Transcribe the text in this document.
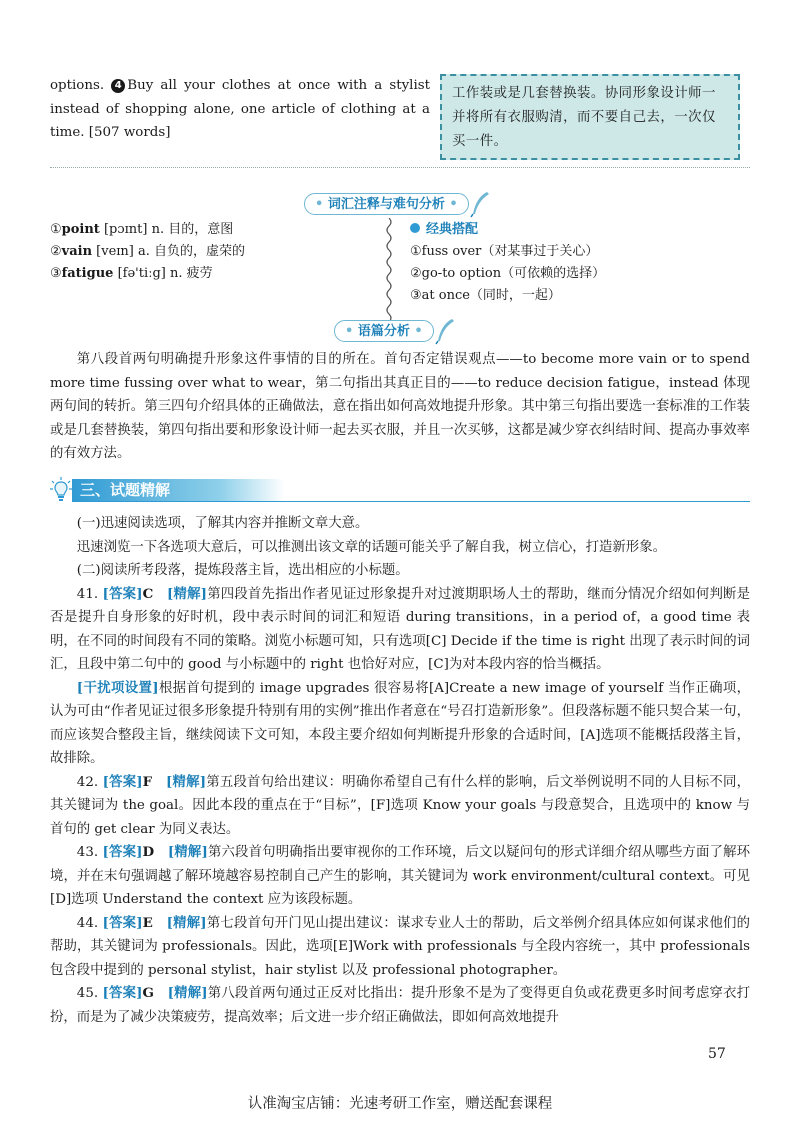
options. 4 Buy all your clothes at once with a stylist instead of shopping alone, one article of clothing at a time. [507 words]
工作装或是几套替换装。协同形象设计师一并将所有衣服购清，而不要自己去，一次仅买一件。
• 词汇注释与难句分析 •
①point [pɔɪnt] n. 目的，意图
②vain [veɪn] a. 自负的，虚荣的
③fatigue [fə'tiːg] n. 疲劳
经典搭配
①fuss over（对某事过于关心）
②go-to option（可依赖的选择）
③at once（同时，一起）
• 语篇分析 •
第八段首两句明确提升形象这件事情的目的所在。首句否定错误观点——to become more vain or to spend more time fussing over what to wear，第二句指出其真正目的——to reduce decision fatigue，instead 体现两句间的转折。第三四句介绍具体的正确做法，意在指出如何高效地提升形象。其中第三句指出要选一套标准的工作装或是几套替换装，第四句指出要和形象设计师一起去买衣服，并且一次买够，这都是减少穿衣纠结时间、提高办事效率的有效方法。
三、试题精解

(一)迅速阅读选项，了解其内容并推断文章大意。

迅速浏览一下各选项大意后，可以推测出该文章的话题可能关乎了解自我，树立信心，打造新形象。

(二)阅读所考段落，提炼段落主旨，选出相应的小标题。

41. [答案]C　 [精解]第四段首先指出作者见证过形象提升对过渡期职场人士的帮助，继而分情况介绍如何判断是否是提升自身形象的好时机，段中表示时间的词汇和短语 during transitions，in a period of，a good time 表明，在不同的时间段有不同的策略。浏览小标题可知，只有选项[C] Decide if the time is right 出现了表示时间的词汇，且段中第二句中的 good 与小标题中的 right 也恰好对应，[C]为对本段内容的恰当概括。

[干扰项设置]根据首句提到的 image upgrades 很容易将[A]Create a new image of yourself 当作正确项，认为可由“作者见证过很多形象提升特别有用的实例”推出作者意在“号召打造新形象”。但段落标题不能只契合某一句，而应该契合整段主旨，继续阅读下文可知，本段主要介绍如何判断提升形象的合适时间，[A]选项不能概括段落主旨，故排除。

42. [答案]F　 [精解]第五段首句给出建议：明确你希望自己有什么样的影响，后文举例说明不同的人目标不同，其关键词为 the goal。因此本段的重点在于“目标”，[F]选项 Know your goals 与段意契合，且选项中的 know 与首句的 get clear 为同义表达。

43. [答案]D　 [精解]第六段首句明确指出要审视你的工作环境，后文以疑问句的形式详细介绍从哪些方面了解环境，并在末句强调越了解环境越容易控制自己产生的影响，其关键词为 work environment/cultural context。可见[D]选项 Understand the context 应为该段标题。

44. [答案]E　 [精解]第七段首句开门见山提出建议：谋求专业人士的帮助，后文举例介绍具体应如何谋求他们的帮助，其关键词为 professionals。因此，选项[E]Work with professionals 与全段内容统一，其中 professionals 包含段中提到的 personal stylist，hair stylist 以及 professional photographer。

45. [答案]G　 [精解]第八段首两句通过正反对比指出：提升形象不是为了变得更自负或花费更多时间考虑穿衣打扮，而是为了减少决策疲劳，提高效率；后文进一步介绍正确做法，即如何高效地提升

57
认准淘宝店铺：光速考研工作室，赠送配套课程
